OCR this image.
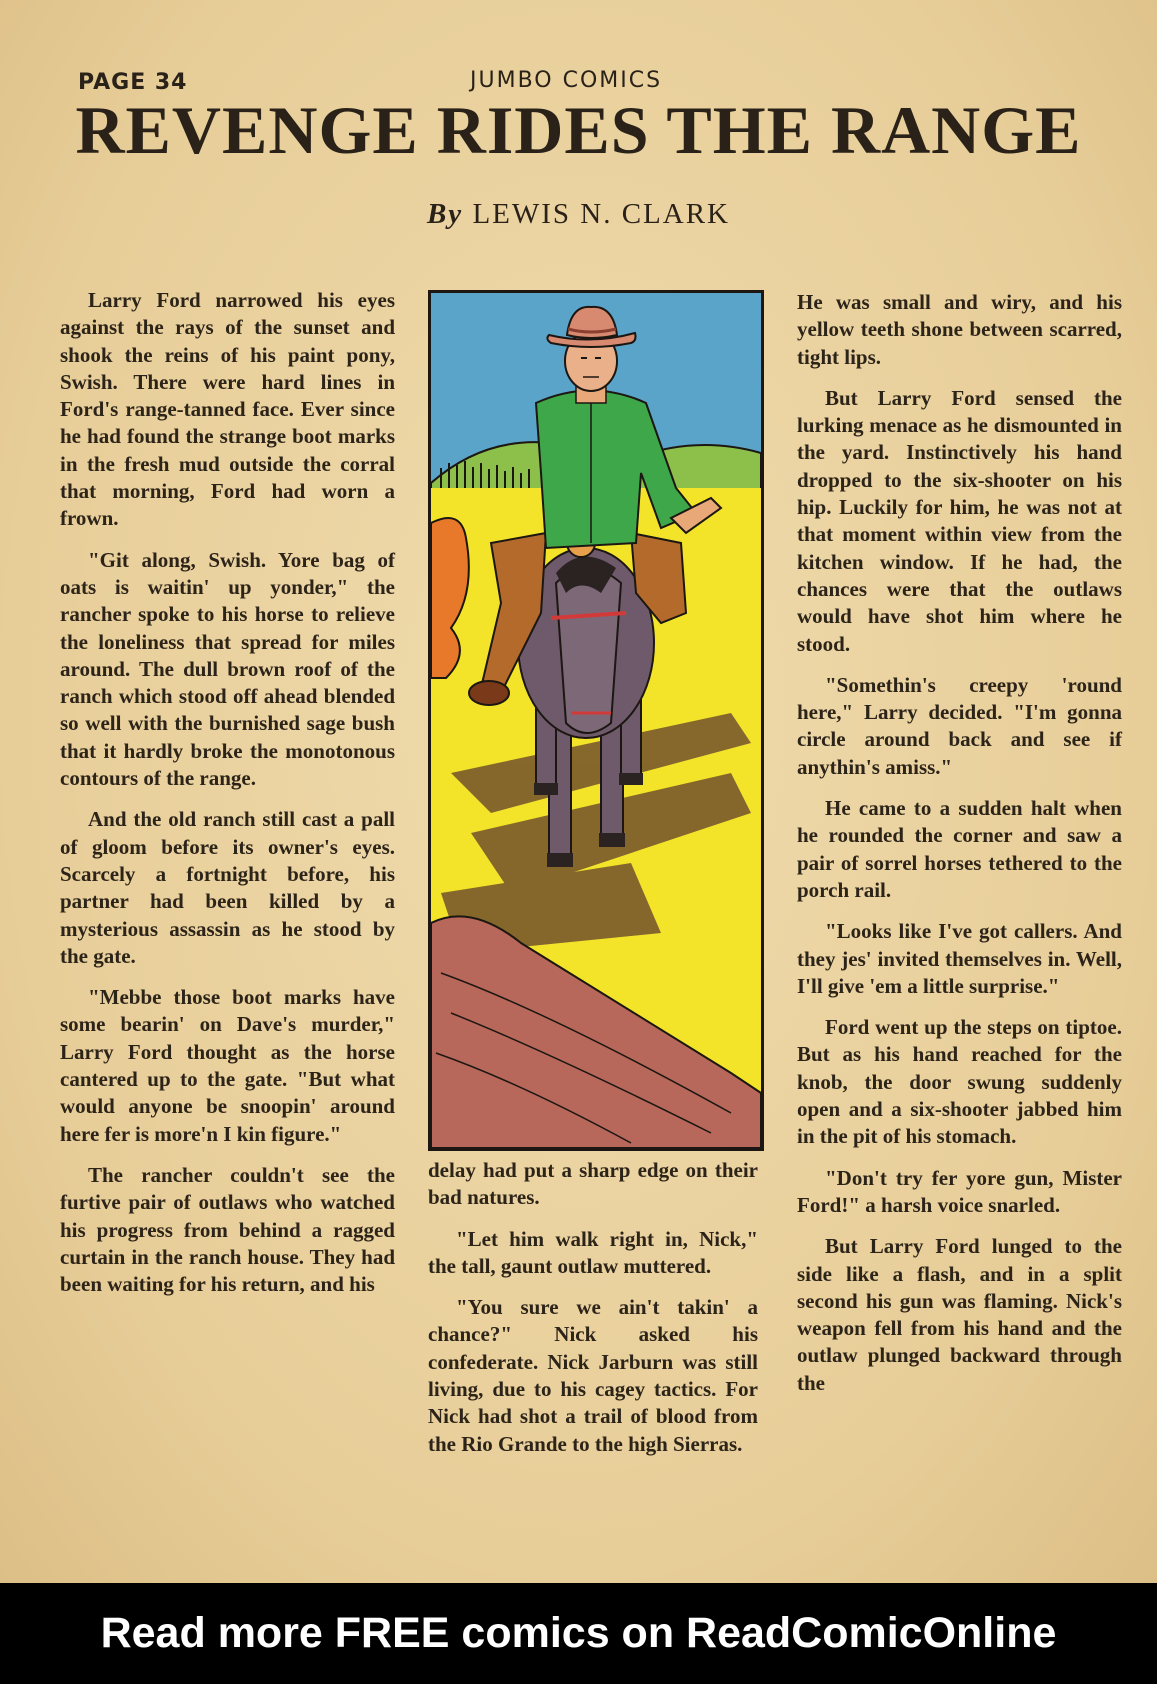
PAGE 34	JUMBO COMICS
REVENGE RIDES THE RANGE
By LEWIS N. CLARK

Larry Ford narrowed his eyes against the rays of the sunset and shook the reins of his paint pony, Swish. There were hard lines in Ford's range-tanned face. Ever since he had found the strange boot marks in the fresh mud outside the corral that morning, Ford had worn a frown.

"Git along, Swish. Yore bag of oats is waitin' up yonder," the rancher spoke to his horse to relieve the loneliness that spread for miles around. The dull brown roof of the ranch which stood off ahead blended so well with the burnished sage bush that it hardly broke the monotonous contours of the range.

And the old ranch still cast a pall of gloom before its owner's eyes. Scarcely a fortnight before, his partner had been killed by a mysterious assassin as he stood by the gate.

"Mebbe those boot marks have some bearin' on Dave's murder," Larry Ford thought as the horse cantered up to the gate. "But what would anyone be snoopin' around here fer is more'n I kin figure."

The rancher couldn't see the furtive pair of outlaws who watched his progress from behind a ragged curtain in the ranch house. They had been waiting for his return, and his

delay had put a sharp edge on their bad natures.

"Let him walk right in, Nick," the tall, gaunt outlaw muttered.

"You sure we ain't takin' a chance?" Nick asked his confederate. Nick Jarburn was still living, due to his cagey tactics. For Nick had shot a trail of blood from the Rio Grande to the high Sierras.

He was small and wiry, and his yellow teeth shone between scarred, tight lips.

But Larry Ford sensed the lurking menace as he dismounted in the yard. Instinctively his hand dropped to the six-shooter on his hip. Luckily for him, he was not at that moment within view from the kitchen window. If he had, the chances were that the outlaws would have shot him where he stood.

"Somethin's creepy 'round here," Larry decided. "I'm gonna circle around back and see if anythin's amiss."

He came to a sudden halt when he rounded the corner and saw a pair of sorrel horses tethered to the porch rail.

"Looks like I've got callers. And they jes' invited themselves in. Well, I'll give 'em a little surprise."

Ford went up the steps on tiptoe. But as his hand reached for the knob, the door swung suddenly open and a six-shooter jabbed him in the pit of his stomach.

"Don't try fer yore gun, Mister Ford!" a harsh voice snarled.

But Larry Ford lunged to the side like a flash, and in a split second his gun was flaming. Nick's weapon fell from his hand and the outlaw plunged backward through the

Read more FREE comics on ReadComicOnline
